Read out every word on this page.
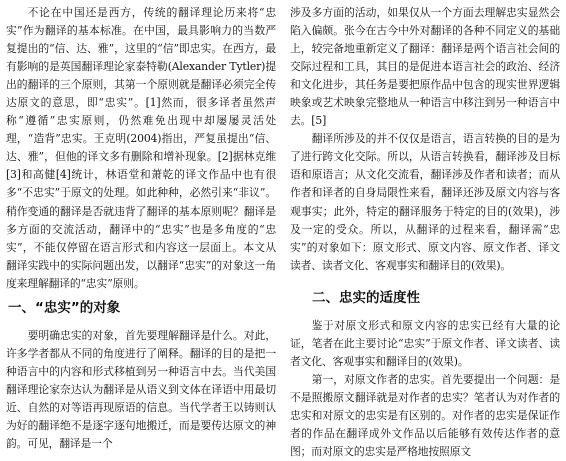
不论在中国还是西方，传统的翻译理论历来将“忠实”作为翻译的基本标准。在中国，最具影响力的当数严复提出的“信、达、雅”，这里的“信”即忠实。在西方，最有影响的是英国翻译理论家泰特勒(Alexander Tytler)提出的翻译的三个原则，其第一个原则就是翻译必须完全传达原文的意思，即“忠实”。[1]然而，很多译者虽然声称“遵循”忠实原则，仍然难免出现中却屡屡灵活处理，“造背”忠实。王克明(2004)指出，严复虽提出“信、达、雅”，但他的译文多有删除和增补现象。[2]据林克维[3]和高健[4]统计，林语堂和萧乾的译文作品中也有很多“不忠实”于原文的处理。如此种种，必然引来“非议”。稍作变通的翻译是否就违背了翻译的基本原则呢？翻译是多方面的交流活动，翻译中的“忠实”也是多角度的“忠实”，不能仅停留在语言形式和内容这一层面上。本文从翻译实践中的实际问题出发，以翻译“忠实”的对象这一角度来理解翻译的“忠实”原则。

一、“忠实”的对象

要明确忠实的对象，首先要理解翻译是什么。对此，许多学者都从不同的角度进行了阐释。翻译的目的是把一种语言中的内容和形式移植到另一种语言中去。当代美国翻译理论家奈达认为翻译是从语义到文体在译语中用最切近、自然的对等语再现原语的信息。当代学者王以铸则认为好的翻译绝不是逐字逐句地搬迁，而是要传达原文的神韵。可见，翻译是一个

涉及多方面的活动，如果仅从一个方面去理解忠实显然会陷入偏颇。张今在古今中外对翻译的各种不同定义的基础上，较完备地重新定义了翻译：翻译是两个语言社会间的交际过程和工具，其目的是促进本语言社会的政治、经济和文化进步，其任务是要把原作品中包含的现实世界逻辑映象或艺术映象完整地从一种语言中移注到另一种语言中去。[5]

翻译所涉及的并不仅仅是语言，语言转换的目的是为了进行跨文化交际。所以，从语言转换看，翻译涉及目标语和原语言；从文化交流看，翻译涉及作者和读者；而从作者和译者的自身局限性来看，翻译还涉及原文内容与客观事实；此外，特定的翻译服务于特定的目的(效果)，涉及一定的受众。所以，从翻译的过程来看，翻译需“忠实”的对象如下：原文形式、原文内容、原文作者、译文读者、读者文化、客观事实和翻译目的(效果)。

二、忠实的适度性

鉴于对原文形式和原文内容的忠实已经有大量的论证，笔者在此主要讨论“忠实”于原文作者、译文读者、读者文化、客观事实和翻译目的(效果)。

第一，对原文作者的忠实。首先要提出一个问题：是不是照搬原文翻译就是对作者的忠实？笔者认为对作者的忠实和对原文的忠实是有区别的。对作者的忠实是保证作者的作品在翻译成外文作品以后能够有效传达作者的意图；而对原文的忠实是严格地按照原文
